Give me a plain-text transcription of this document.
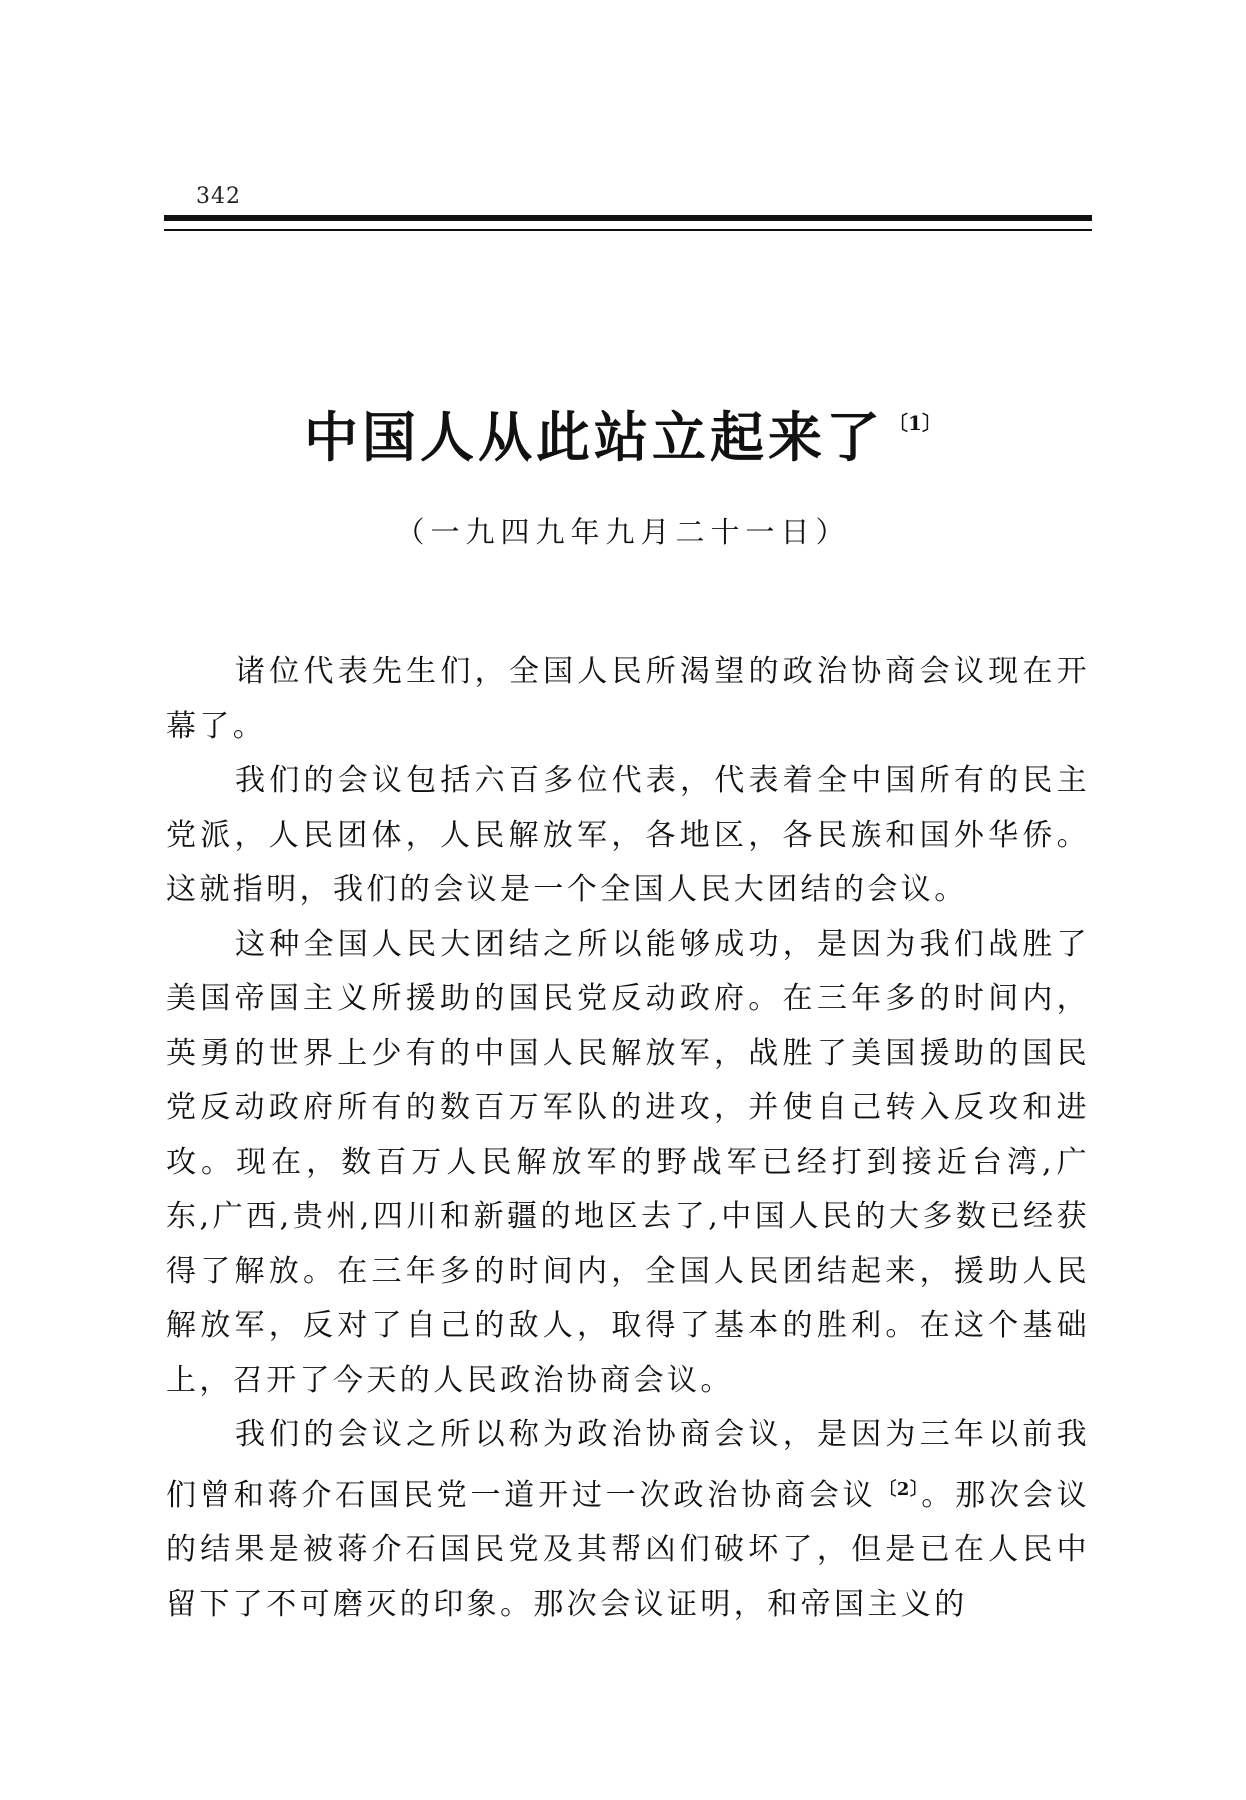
342
中国人从此站立起来了 $^{〔1〕}$
（一九四九年九月二十一日）

诸位代表先生们，全国人民所渴望的政治协商会议现在开幕了。

我们的会议包括六百多位代表，代表着全中国所有的民主党派，人民团体，人民解放军，各地区，各民族和国外华侨。这就指明，我们的会议是一个全国人民大团结的会议。

这种全国人民大团结之所以能够成功，是因为我们战胜了美国帝国主义所援助的国民党反动政府。在三年多的时间内，英勇的世界上少有的中国人民解放军，战胜了美国援助的国民党反动政府所有的数百万军队的进攻，并使自己转入反攻和进攻。现在，数百万人民解放军的野战军已经打到接近台湾,广东,广西,贵州,四川和新疆的地区去了,中国人民的大多数已经获得了解放。在三年多的时间内，全国人民团结起来，援助人民解放军，反对了自己的敌人，取得了基本的胜利。在这个基础上，召开了今天的人民政治协商会议。

我们的会议之所以称为政治协商会议，是因为三年以前我们曾和蒋介石国民党一道开过一次政治协商会议 $^{〔2〕}$。那次会议的结果是被蒋介石国民党及其帮凶们破坏了，但是已在人民中留下了不可磨灭的印象。那次会议证明，和帝国主义的
